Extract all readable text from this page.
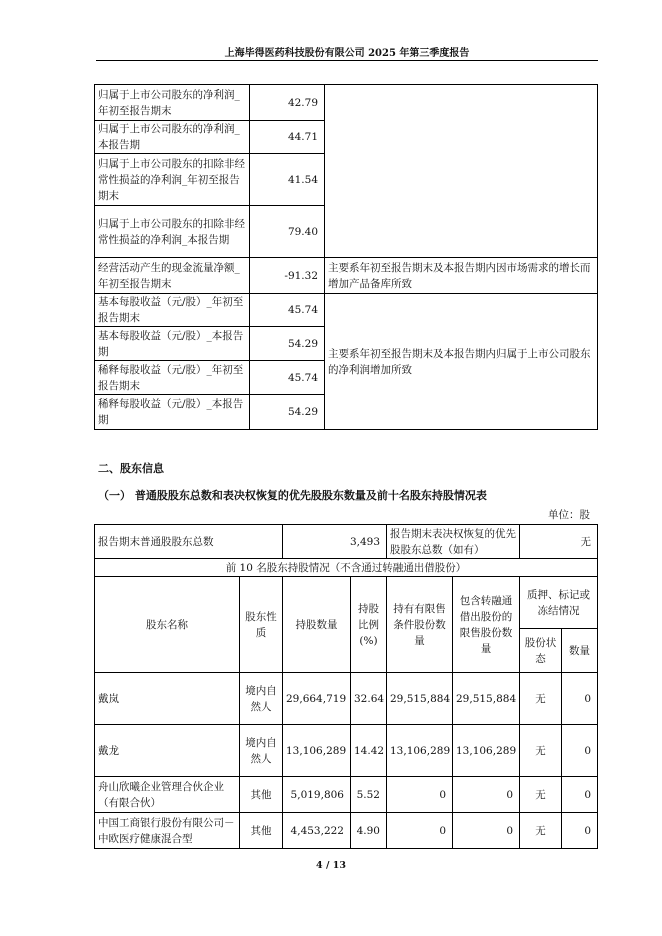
上海毕得医药科技股份有限公司 2025 年第三季度报告
归属于上市公司股东的净利润_年初至报告期末	42.79	
归属于上市公司股东的净利润_本报告期	44.71	
归属于上市公司股东的扣除非经常性损益的净利润_年初至报告期末	41.54	
归属于上市公司股东的扣除非经常性损益的净利润_本报告期	79.40	
经营活动产生的现金流量净额_年初至报告期末	-91.32	主要系年初至报告期末及本报告期内因市场需求的增长而增加产品备库所致
基本每股收益（元/股）_年初至报告期末	45.74	主要系年初至报告期末及本报告期内归属于上市公司股东的净利润增加所致
基本每股收益（元/股）_本报告期	54.29	
稀释每股收益（元/股）_年初至报告期末	45.74	
稀释每股收益（元/股）_本报告期	54.29	
二、股东信息
（一） 普通股股东总数和表决权恢复的优先股股东数量及前十名股东持股情况表
单位：股
报告期末普通股股东总数		3,493		报告期末表决权恢复的优先股股东总数（如有）		无	
前 10 名股东持股情况（不含通过转融通出借股份）							
股东名称	股东性质	持股数量	持股比例(%)	持有有限售条件股份数量	包含转融通借出股份的限售股份数量	质押、标记或冻结情况	
						股份状态	数量
戴岚	境内自然人	29,664,719	32.64	29,515,884	29,515,884	无	0
戴龙	境内自然人	13,106,289	14.42	13,106,289	13,106,289	无	0
舟山欣曦企业管理合伙企业（有限合伙）	其他	5,019,806	5.52	0	0	无	0
中国工商银行股份有限公司－中欧医疗健康混合型	其他	4,453,222	4.90	0	0	无	0
4 / 13
